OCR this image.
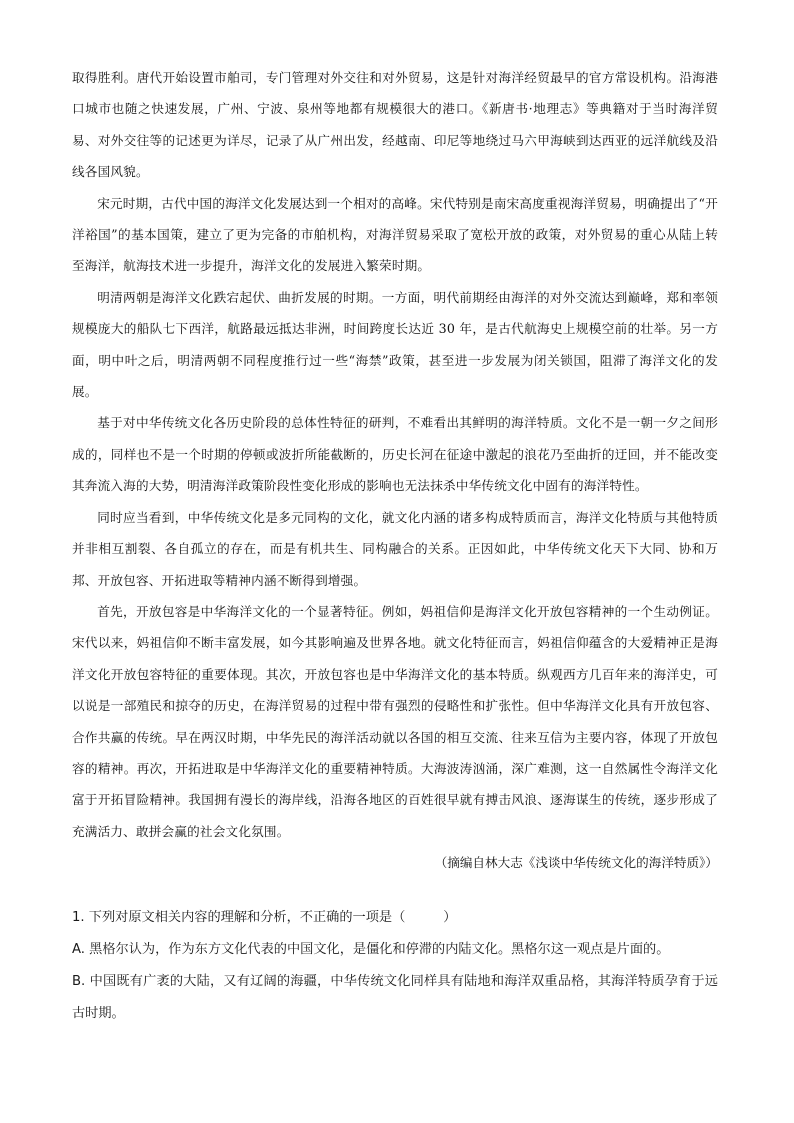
取得胜利。唐代开始设置市舶司，专门管理对外交往和对外贸易，这是针对海洋经贸最早的官方常设机构。沿海港口城市也随之快速发展，广州、宁波、泉州等地都有规模很大的港口。《新唐书·地理志》等典籍对于当时海洋贸易、对外交往等的记述更为详尽，记录了从广州出发，经越南、印尼等地绕过马六甲海峡到达西亚的远洋航线及沿线各国风貌。

宋元时期，古代中国的海洋文化发展达到一个相对的高峰。宋代特别是南宋高度重视海洋贸易，明确提出了“开洋裕国”的基本国策，建立了更为完备的市舶机构，对海洋贸易采取了宽松开放的政策，对外贸易的重心从陆上转至海洋，航海技术进一步提升，海洋文化的发展进入繁荣时期。

明清两朝是海洋文化跌宕起伏、曲折发展的时期。一方面，明代前期经由海洋的对外交流达到巅峰，郑和率领规模庞大的船队七下西洋，航路最远抵达非洲，时间跨度长达近 30 年，是古代航海史上规模空前的壮举。另一方面，明中叶之后，明清两朝不同程度推行过一些“海禁”政策，甚至进一步发展为闭关锁国，阻滞了海洋文化的发展。

基于对中华传统文化各历史阶段的总体性特征的研判，不难看出其鲜明的海洋特质。文化不是一朝一夕之间形成的，同样也不是一个时期的停顿或波折所能截断的，历史长河在征途中激起的浪花乃至曲折的迂回，并不能改变其奔流入海的大势，明清海洋政策阶段性变化形成的影响也无法抹杀中华传统文化中固有的海洋特性。

同时应当看到，中华传统文化是多元同构的文化，就文化内涵的诸多构成特质而言，海洋文化特质与其他特质并非相互割裂、各自孤立的存在，而是有机共生、同构融合的关系。正因如此，中华传统文化天下大同、协和万邦、开放包容、开拓进取等精神内涵不断得到增强。

首先，开放包容是中华海洋文化的一个显著特征。例如，妈祖信仰是海洋文化开放包容精神的一个生动例证。宋代以来，妈祖信仰不断丰富发展，如今其影响遍及世界各地。就文化特征而言，妈祖信仰蕴含的大爱精神正是海洋文化开放包容特征的重要体现。其次，开放包容也是中华海洋文化的基本特质。纵观西方几百年来的海洋史，可以说是一部殖民和掠夺的历史，在海洋贸易的过程中带有强烈的侵略性和扩张性。但中华海洋文化具有开放包容、合作共赢的传统。早在两汉时期，中华先民的海洋活动就以各国的相互交流、往来互信为主要内容，体现了开放包容的精神。再次，开拓进取是中华海洋文化的重要精神特质。大海波涛汹涌，深广难测，这一自然属性令海洋文化富于开拓冒险精神。我国拥有漫长的海岸线，沿海各地区的百姓很早就有搏击风浪、逐海谋生的传统，逐步形成了充满活力、敢拼会赢的社会文化氛围。

（摘编自林大志《浅谈中华传统文化的海洋特质》）

1. 下列对原文相关内容的理解和分析，不正确的一项是（	）

A. 黑格尔认为，作为东方文化代表的中国文化，是僵化和停滞的内陆文化。黑格尔这一观点是片面的。

B. 中国既有广袤的大陆，又有辽阔的海疆，中华传统文化同样具有陆地和海洋双重品格，其海洋特质孕育于远古时期。
